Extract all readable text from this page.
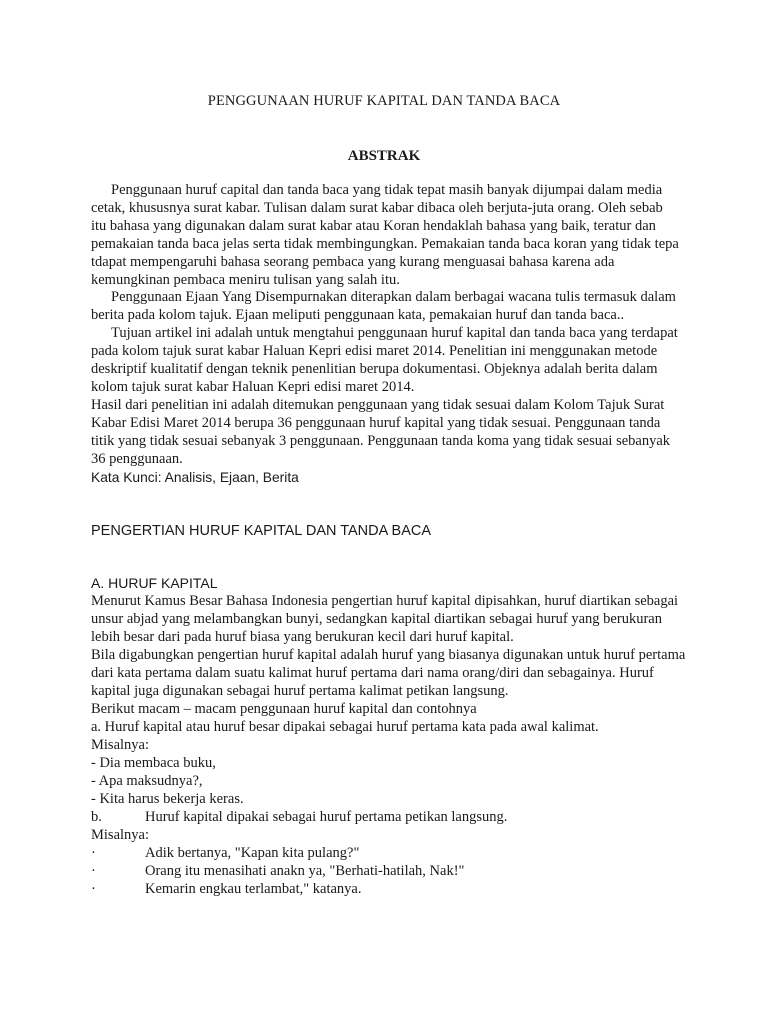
PENGGUNAAN HURUF KAPITAL DAN TANDA BACA
ABSTRAK

Penggunaan huruf capital dan tanda baca yang tidak tepat masih banyak dijumpai dalam media cetak, khususnya surat kabar. Tulisan dalam surat kabar dibaca oleh berjuta-juta orang. Oleh sebab itu bahasa yang digunakan dalam surat kabar atau Koran hendaklah bahasa yang baik, teratur dan pemakaian tanda baca jelas serta tidak membingungkan. Pemakaian tanda baca koran yang tidak tepa tdapat mempengaruhi bahasa seorang pembaca yang kurang menguasai bahasa karena ada kemungkinan pembaca meniru tulisan yang salah itu.

Penggunaan Ejaan Yang Disempurnakan diterapkan dalam berbagai wacana tulis termasuk dalam berita pada kolom tajuk. Ejaan meliputi penggunaan kata, pemakaian huruf dan tanda baca..

Tujuan artikel ini adalah untuk mengtahui penggunaan huruf kapital dan tanda baca yang terdapat pada kolom tajuk surat kabar Haluan Kepri edisi maret 2014. Penelitian ini menggunakan metode deskriptif kualitatif dengan teknik penenlitian berupa dokumentasi. Objeknya adalah berita dalam kolom tajuk surat kabar Haluan Kepri edisi maret 2014.

Hasil dari penelitian ini adalah ditemukan penggunaan yang tidak sesuai dalam Kolom Tajuk Surat Kabar Edisi Maret 2014 berupa 36 penggunaan huruf kapital yang tidak sesuai. Penggunaan tanda titik yang tidak sesuai sebanyak 3 penggunaan. Penggunaan tanda koma yang tidak sesuai sebanyak 36 penggunaan.

Kata Kunci: Analisis, Ejaan, Berita

PENGERTIAN HURUF KAPITAL DAN TANDA BACA

A. HURUF KAPITAL

Menurut Kamus Besar Bahasa Indonesia pengertian huruf kapital dipisahkan, huruf diartikan sebagai unsur abjad yang melambangkan bunyi, sedangkan kapital diartikan sebagai huruf yang berukuran lebih besar dari pada huruf biasa yang berukuran kecil dari huruf kapital.

Bila digabungkan pengertian huruf kapital adalah huruf yang biasanya digunakan untuk huruf pertama dari kata pertama dalam suatu kalimat huruf pertama dari nama orang/diri dan sebagainya. Huruf kapital juga digunakan sebagai huruf pertama kalimat petikan langsung.

Berikut macam – macam penggunaan huruf kapital dan contohnya

a. Huruf kapital atau huruf besar dipakai sebagai huruf pertama kata pada awal kalimat.

Misalnya:

- Dia membaca buku,

- Apa maksudnya?,

- Kita harus bekerja keras.

b.	Huruf kapital dipakai sebagai huruf pertama petikan langsung.

Misalnya:

·	Adik bertanya, "Kapan kita pulang?"
·	Orang itu menasihati anakn ya, "Berhati-hatilah, Nak!"
·	Kemarin engkau terlambat," katanya.
